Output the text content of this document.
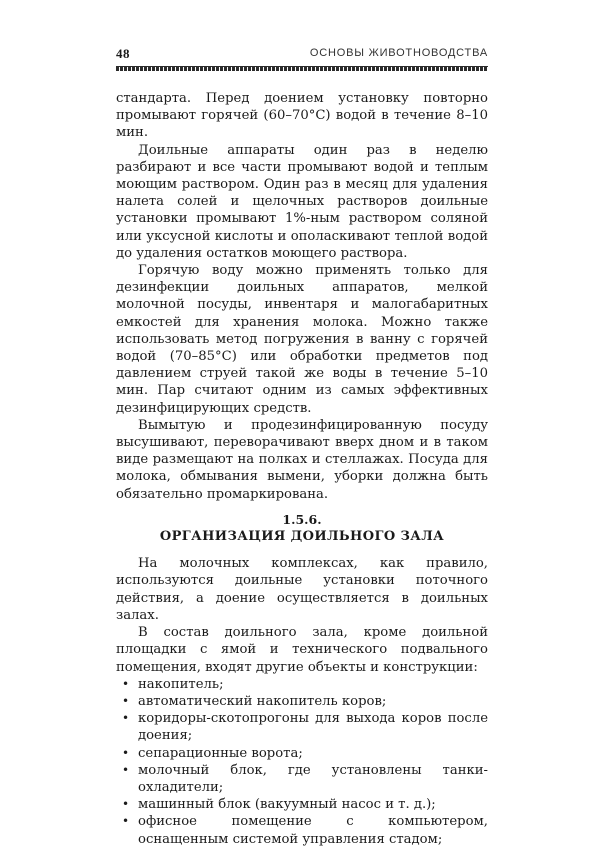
48	ОСНОВЫ ЖИВОТНОВОДСТВА

стандарта. Перед доением установку повторно промывают горячей (60–70°C) водой в течение 8–10 мин.

Доильные аппараты один раз в неделю разбирают и все части промывают водой и теплым моющим раствором. Один раз в месяц для удаления налета солей и щелочных растворов доильные установки промывают 1%-ным раствором соляной или уксусной кислоты и ополаскивают теплой водой до удаления остатков моющего раствора.

Горячую воду можно применять только для дезинфекции доильных аппаратов, мелкой молочной посуды, инвентаря и малогабаритных емкостей для хранения молока. Можно также использовать метод погружения в ванну с горячей водой (70–85°C) или обработки предметов под давлением струей такой же воды в течение 5–10 мин. Пар считают одним из самых эффективных дезинфицирующих средств.

Вымытую и продезинфицированную посуду высушивают, переворачивают вверх дном и в таком виде размещают на полках и стеллажах. Посуда для молока, обмывания вымени, уборки должна быть обязательно промаркирована.

1.5.6.
ОРГАНИЗАЦИЯ ДОИЛЬНОГО ЗАЛА

На молочных комплексах, как правило, используются доильные установки поточного действия, а доение осуществляется в доильных залах.

В состав доильного зала, кроме доильной площадки с ямой и технического подвального помещения, входят другие объекты и конструкции:

• накопитель;
• автоматический накопитель коров;
• коридоры-скотопрогоны для выхода коров после доения;
• сепарационные ворота;
• молочный блок, где установлены танки-охладители;
• машинный блок (вакуумный насос и т. д.);
• офисное помещение с компьютером, оснащенным системой управления стадом;
